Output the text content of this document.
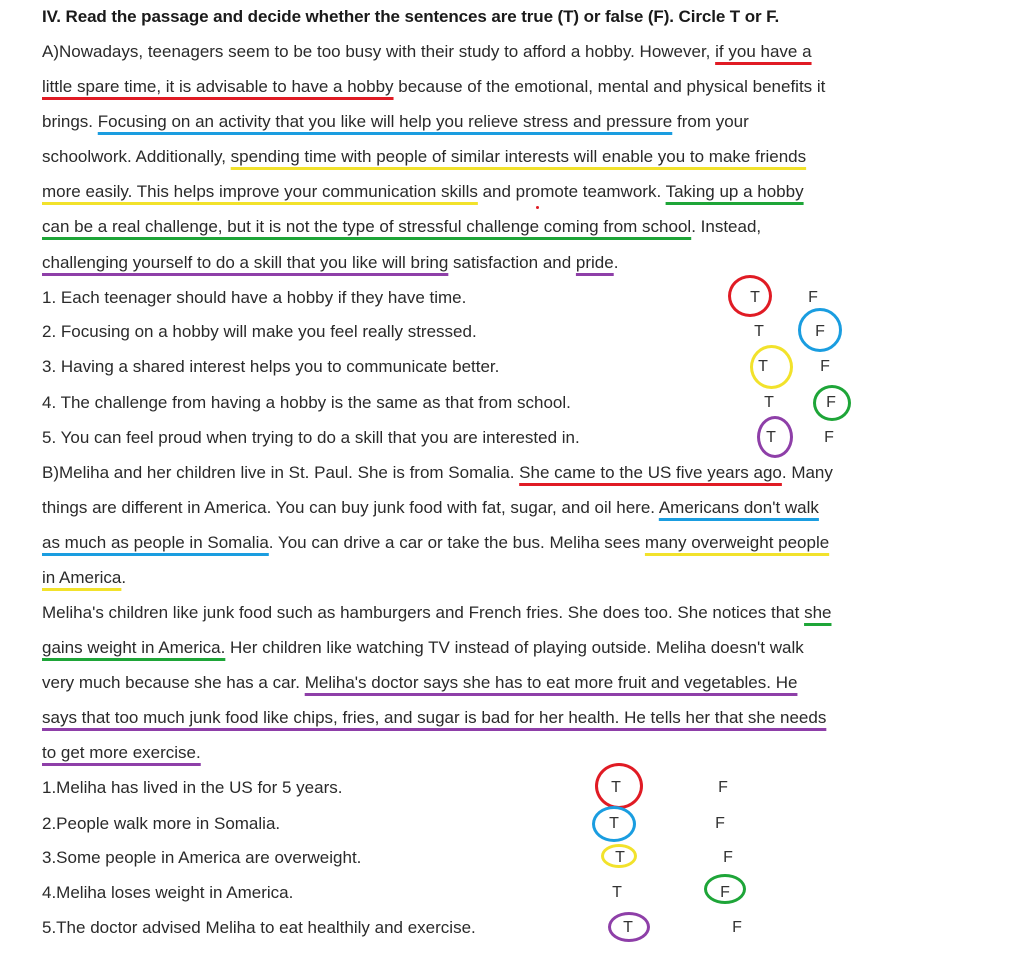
IV. Read the passage and decide whether the sentences are true (T) or false (F). Circle T or F.
A)Nowadays, teenagers seem to be too busy with their study to afford a hobby. However, if you have a
little spare time, it is advisable to have a hobby because of the emotional, mental and physical benefits it
brings. Focusing on an activity that you like will help you relieve stress and pressure from your
schoolwork. Additionally, spending time with people of similar interests will enable you to make friends
more easily. This helps improve your communication skills and promote teamwork. Taking up a hobby
can be a real challenge, but it is not the type of stressful challenge coming from school. Instead,
challenging yourself to do a skill that you like will bring satisfaction and pride.
1. Each teenager should have a hobby if they have time.	T	F
2. Focusing on a hobby will make you feel really stressed.	T	F
3. Having a shared interest helps you to communicate better.	T	F
4. The challenge from having a hobby is the same as that from school.	T	F
5. You can feel proud when trying to do a skill that you are interested in.	T	F
B)Meliha and her children live in St. Paul. She is from Somalia. She came to the US five years ago. Many
things are different in America. You can buy junk food with fat, sugar, and oil here. Americans don't walk
as much as people in Somalia. You can drive a car or take the bus. Meliha sees many overweight people
in America.
Meliha's children like junk food such as hamburgers and French fries. She does too. She notices that she
gains weight in America. Her children like watching TV instead of playing outside. Meliha doesn't walk
very much because she has a car. Meliha's doctor says she has to eat more fruit and vegetables. He
says that too much junk food like chips, fries, and sugar is bad for her health. He tells her that she needs
to get more exercise.
1.Meliha has lived in the US for 5 years.	T	F
2.People walk more in Somalia.	T	F
3.Some people in America are overweight.	T	F
4.Meliha loses weight in America.	T	F
5.The doctor advised Meliha to eat healthily and exercise.	T	F
